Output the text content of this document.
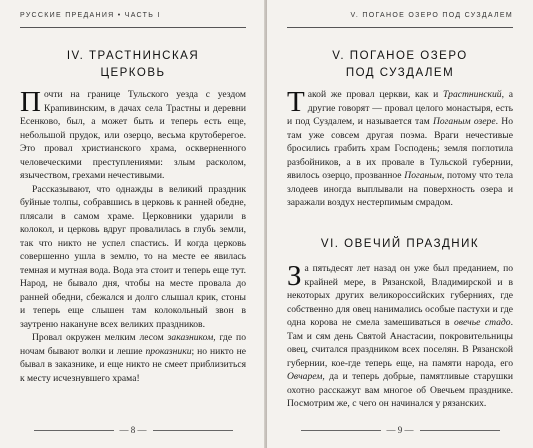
РУССКИЕ ПРЕДАНИЯ • ЧАСТЬ I
IV. ТРАСТНИНСКАЯ
ЦЕРКОВЬ

Почти на границе Тульского уезда с уездом Крапивинским, в дачах села Трастны и деревни Есенково, был, а может быть и теперь есть еще, небольшой прудок, или озерцо, весьма крутоберегое. Это провал христианского храма, оскверненного человеческими преступлениями: злым расколом, язычеством, грехами нечестивыми.

Рассказывают, что однажды в великий праздник буйные толпы, собравшись в церковь к ранней обедне, плясали в самом храме. Церковники ударили в колокол, и церковь вдруг провалилась в глубь земли, так что никто не успел спастись. И когда церковь совершенно ушла в землю, то на месте ее явилась темная и мутная вода. Вода эта стоит и теперь еще тут. Народ, не бывало дня, чтобы на месте провала до ранней обедни, сбежался и долго слышал крик, стоны и теперь еще слышен там колокольный звон в заутреню накануне всех великих праздников.

Провал окружен мелким лесом заказником, где по ночам бывают волки и лешие проказники; но никто не бывал в заказнике, и еще никто не смеет приблизиться к месту исчезнувшего храма!

— 8 —
V. ПОГАНОЕ ОЗЕРО ПОД СУЗДАЛЕМ
V. ПОГАНОЕ ОЗЕРО
ПОД СУЗДАЛЕМ

Такой же провал церкви, как и Трастнинский, а другие говорят — провал целого монастыря, есть и под Суздалем, и называется там Поганым озере. Но там уже совсем другая поэма. Враги нечестивые бросились грабить храм Господень; земля поглотила разбойников, а в их провале в Тульской губернии, явилось озерцо, прозванное Поганым, потому что тела злодеев иногда выплывали на поверхность озера и заражали воздух нестерпимым смрадом.

VI. ОВЕЧИЙ ПРАЗДНИК

За пятьдесят лет назад он уже был преданием, по крайней мере, в Рязанской, Владимирской и в некоторых других великороссийских губерниях, где собственно для овец нанимались особые пастухи и где одна корова не смела замешиваться в овечье стадо. Там и сям день Святой Анастасии, покровительницы овец, считался праздником всех поселян. В Рязанской губернии, кое-где теперь еще, на памяти народа, его Овчарем, да и теперь добрые, памятливые старушки охотно расскажут вам многое об Овечьем празднике. Посмотрим же, с чего он начинался у рязанских.

— 9 —
